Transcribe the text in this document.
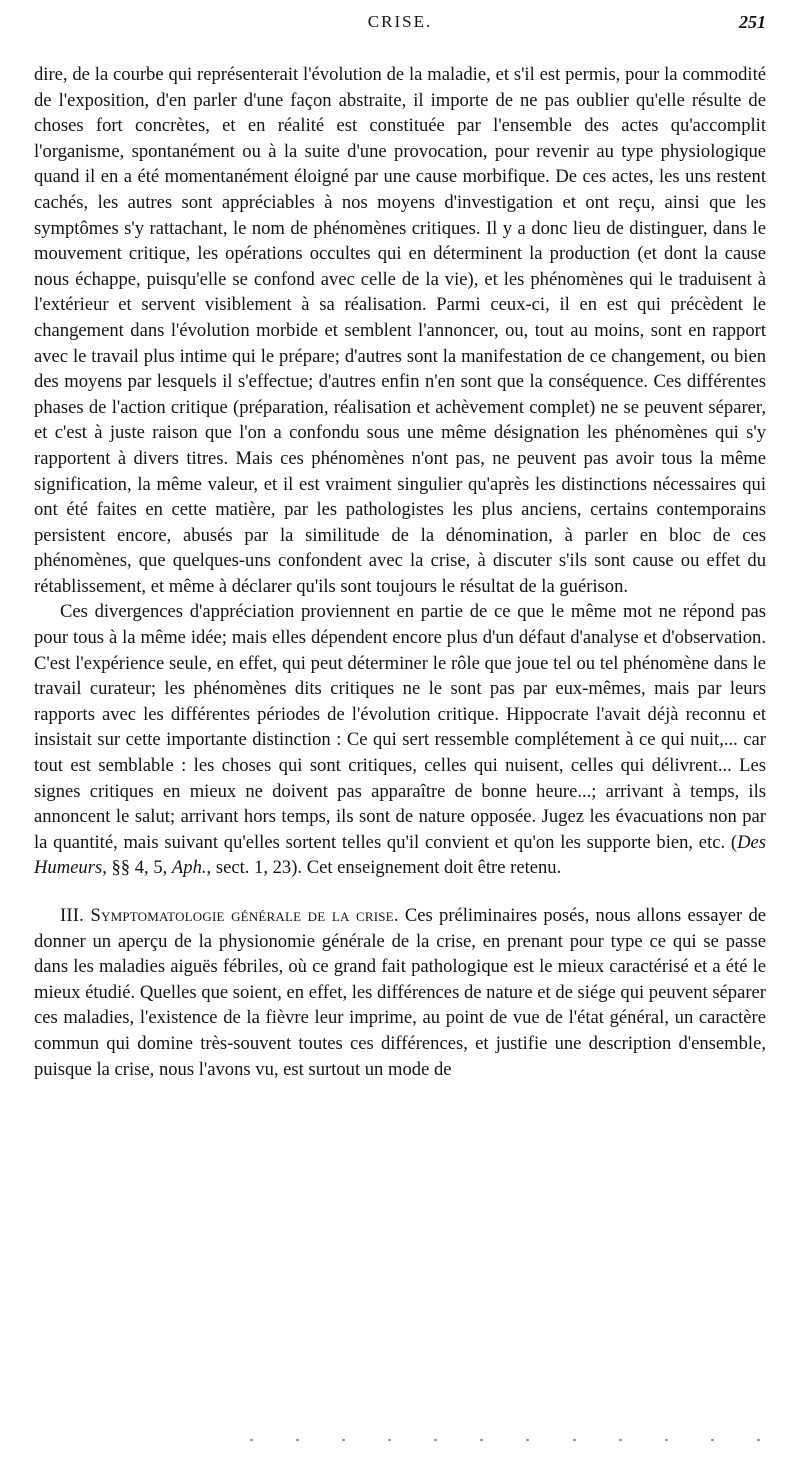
CRISE.	251

dire, de la courbe qui représenterait l'évolution de la maladie, et s'il est permis, pour la commodité de l'exposition, d'en parler d'une façon abstraite, il importe de ne pas oublier qu'elle résulte de choses fort concrètes, et en réalité est constituée par l'ensemble des actes qu'accomplit l'organisme, spontanément ou à la suite d'une provocation, pour revenir au type physiologique quand il en a été momentanément éloigné par une cause morbifique. De ces actes, les uns restent cachés, les autres sont appréciables à nos moyens d'investigation et ont reçu, ainsi que les symptômes s'y rattachant, le nom de phénomènes critiques. Il y a donc lieu de distinguer, dans le mouvement critique, les opérations occultes qui en déterminent la production (et dont la cause nous échappe, puisqu'elle se confond avec celle de la vie), et les phénomènes qui le traduisent à l'extérieur et servent visiblement à sa réalisation. Parmi ceux-ci, il en est qui précèdent le changement dans l'évolution morbide et semblent l'annoncer, ou, tout au moins, sont en rapport avec le travail plus intime qui le prépare; d'autres sont la manifestation de ce changement, ou bien des moyens par lesquels il s'effectue; d'autres enfin n'en sont que la conséquence. Ces différentes phases de l'action critique (préparation, réalisation et achèvement complet) ne se peuvent séparer, et c'est à juste raison que l'on a confondu sous une même désignation les phénomènes qui s'y rapportent à divers titres. Mais ces phénomènes n'ont pas, ne peuvent pas avoir tous la même signification, la même valeur, et il est vraiment singulier qu'après les distinctions nécessaires qui ont été faites en cette matière, par les pathologistes les plus anciens, certains contemporains persistent encore, abusés par la similitude de la dénomination, à parler en bloc de ces phénomènes, que quelques-uns confondent avec la crise, à discuter s'ils sont cause ou effet du rétablissement, et même à déclarer qu'ils sont toujours le résultat de la guérison.

Ces divergences d'appréciation proviennent en partie de ce que le même mot ne répond pas pour tous à la même idée; mais elles dépendent encore plus d'un défaut d'analyse et d'observation. C'est l'expérience seule, en effet, qui peut déterminer le rôle que joue tel ou tel phénomène dans le travail curateur; les phénomènes dits critiques ne le sont pas par eux-mêmes, mais par leurs rapports avec les différentes périodes de l'évolution critique. Hippocrate l'avait déjà reconnu et insistait sur cette importante distinction : Ce qui sert ressemble complétement à ce qui nuit,... car tout est semblable : les choses qui sont critiques, celles qui nuisent, celles qui délivrent... Les signes critiques en mieux ne doivent pas apparaître de bonne heure...; arrivant à temps, ils annoncent le salut; arrivant hors temps, ils sont de nature opposée. Jugez les évacuations non par la quantité, mais suivant qu'elles sortent telles qu'il convient et qu'on les supporte bien, etc. (Des Humeurs, §§ 4, 5, Aph., sect. 1, 23). Cet enseignement doit être retenu.

III. Symptomatologie générale de la crise. Ces préliminaires posés, nous allons essayer de donner un aperçu de la physionomie générale de la crise, en prenant pour type ce qui se passe dans les maladies aiguës fébriles, où ce grand fait pathologique est le mieux caractérisé et a été le mieux étudié. Quelles que soient, en effet, les différences de nature et de siége qui peuvent séparer ces maladies, l'existence de la fièvre leur imprime, au point de vue de l'état général, un caractère commun qui domine très-souvent toutes ces différences, et justifie une description d'ensemble, puisque la crise, nous l'avons vu, est surtout un mode de
